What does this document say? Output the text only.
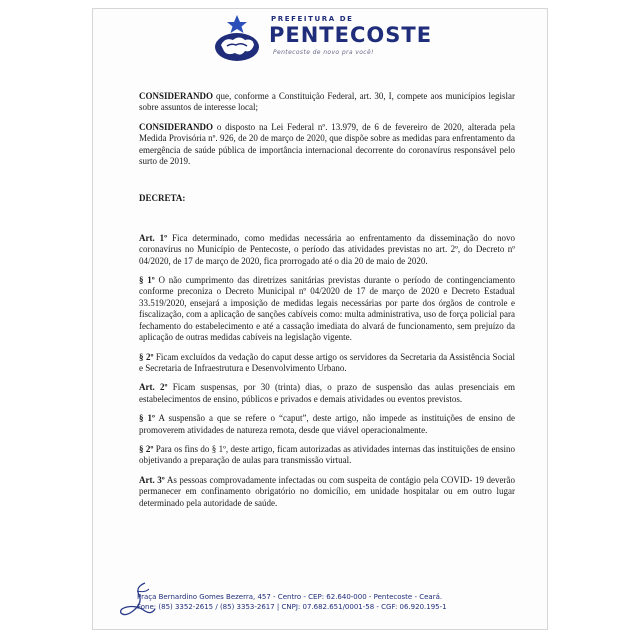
PREFEITURA DE
PENTECOSTE
Pentecoste de novo pra você!

CONSIDERANDO que, conforme a Constituição Federal, art. 30, I, compete aos municípios legislar sobre assuntos de interesse local;

CONSIDERANDO o disposto na Lei Federal nº. 13.979, de 6 de fevereiro de 2020, alterada pela Medida Provisória nº. 926, de 20 de março de 2020, que dispõe sobre as medidas para enfrentamento da emergência de saúde pública de importância internacional decorrente do coronavírus responsável pelo surto de 2019.

DECRETA:

Art. 1º Fica determinado, como medidas necessária ao enfrentamento da disseminação do novo coronavírus no Município de Pentecoste, o período das atividades previstas no art. 2º, do Decreto nº 04/2020, de 17 de março de 2020, fica prorrogado até o dia 20 de maio de 2020.

§ 1º O não cumprimento das diretrizes sanitárias previstas durante o período de contingenciamento conforme preconiza o Decreto Municipal nº 04/2020 de 17 de março de 2020 e Decreto Estadual 33.519/2020, ensejará a imposição de medidas legais necessárias por parte dos órgãos de controle e fiscalização, com a aplicação de sanções cabíveis como: multa administrativa, uso de força policial para fechamento do estabelecimento e até a cassação imediata do alvará de funcionamento, sem prejuízo da aplicação de outras medidas cabíveis na legislação vigente.

§ 2º Ficam excluídos da vedação do caput desse artigo os servidores da Secretaria da Assistência Social e Secretaria de Infraestrutura e Desenvolvimento Urbano.

Art. 2º Ficam suspensas, por 30 (trinta) dias, o prazo de suspensão das aulas presenciais em estabelecimentos de ensino, públicos e privados e demais atividades ou eventos previstos.

§ 1º A suspensão a que se refere o “caput”, deste artigo, não impede as instituições de ensino de promoverem atividades de natureza remota, desde que viável operacionalmente.

§ 2º Para os fins do § 1º, deste artigo, ficam autorizadas as atividades internas das instituições de ensino objetivando a preparação de aulas para transmissão virtual.

Art. 3º As pessoas comprovadamente infectadas ou com suspeita de contágio pela COVID- 19 deverão permanecer em confinamento obrigatório no domicílio, em unidade hospitalar ou em outro lugar determinado pela autoridade de saúde.

Praça Bernardino Gomes Bezerra, 457 - Centro - CEP: 62.640-000 - Pentecoste - Ceará.
Fone: (85) 3352-2615 / (85) 3353-2617 | CNPJ: 07.682.651/0001-58 - CGF: 06.920.195-1
